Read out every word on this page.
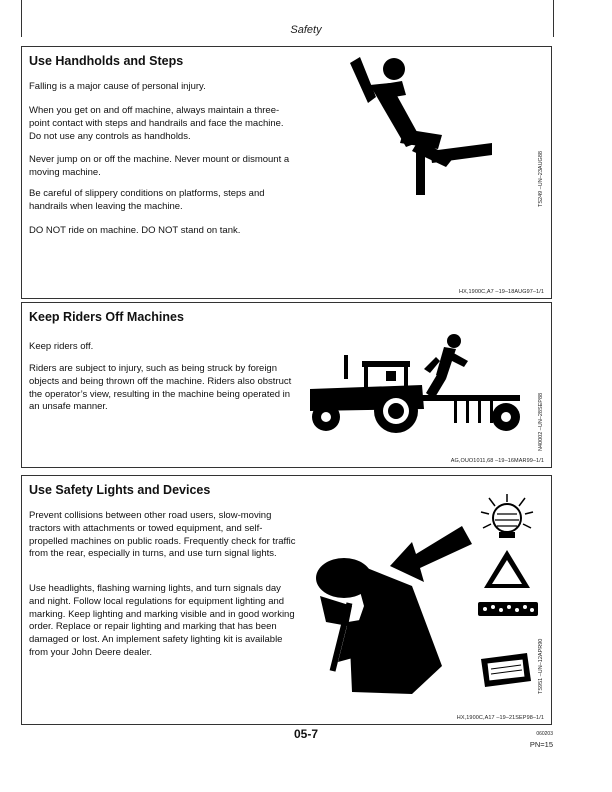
Safety
Use Handholds and Steps

Falling is a major cause of personal injury.

When you get on and off machine, always maintain a three-point contact with steps and handrails and face the machine. Do not use any controls as handholds.

Never jump on or off the machine. Never mount or dismount a moving machine.

Be careful of slippery conditions on platforms, steps and handrails when leaving the machine.

DO NOT ride on machine. DO NOT stand on tank.

TS249 –UN–23AUG88
HX,1900C,A7 –19–18AUG97–1/1
Keep Riders Off Machines

Keep riders off.

Riders are subject to injury, such as being struck by foreign objects and being thrown off the machine. Riders also obstruct the operator’s view, resulting in the machine being operated in an unsafe manner.	N40002 –UN–28SEP88
AG,OUO1011,68 –19–16MAR99–1/1
Use Safety Lights and Devices

Prevent collisions between other road users, slow-moving tractors with attachments or towed equipment, and self-propelled machines on public roads. Frequently check for traffic from the rear, especially in turns, and use turn signal lights.

Use headlights, flashing warning lights, and turn signals day and night. Follow local regulations for equipment lighting and marking. Keep lighting and marking visible and in good working order. Replace or repair lighting and marking that has been damaged or lost. An implement safety lighting kit is available from your John Deere dealer.	TS951 –UN–12APR90
HX,1900C,A17 –19–21SEP98–1/1
05-7	060203
PN=15
